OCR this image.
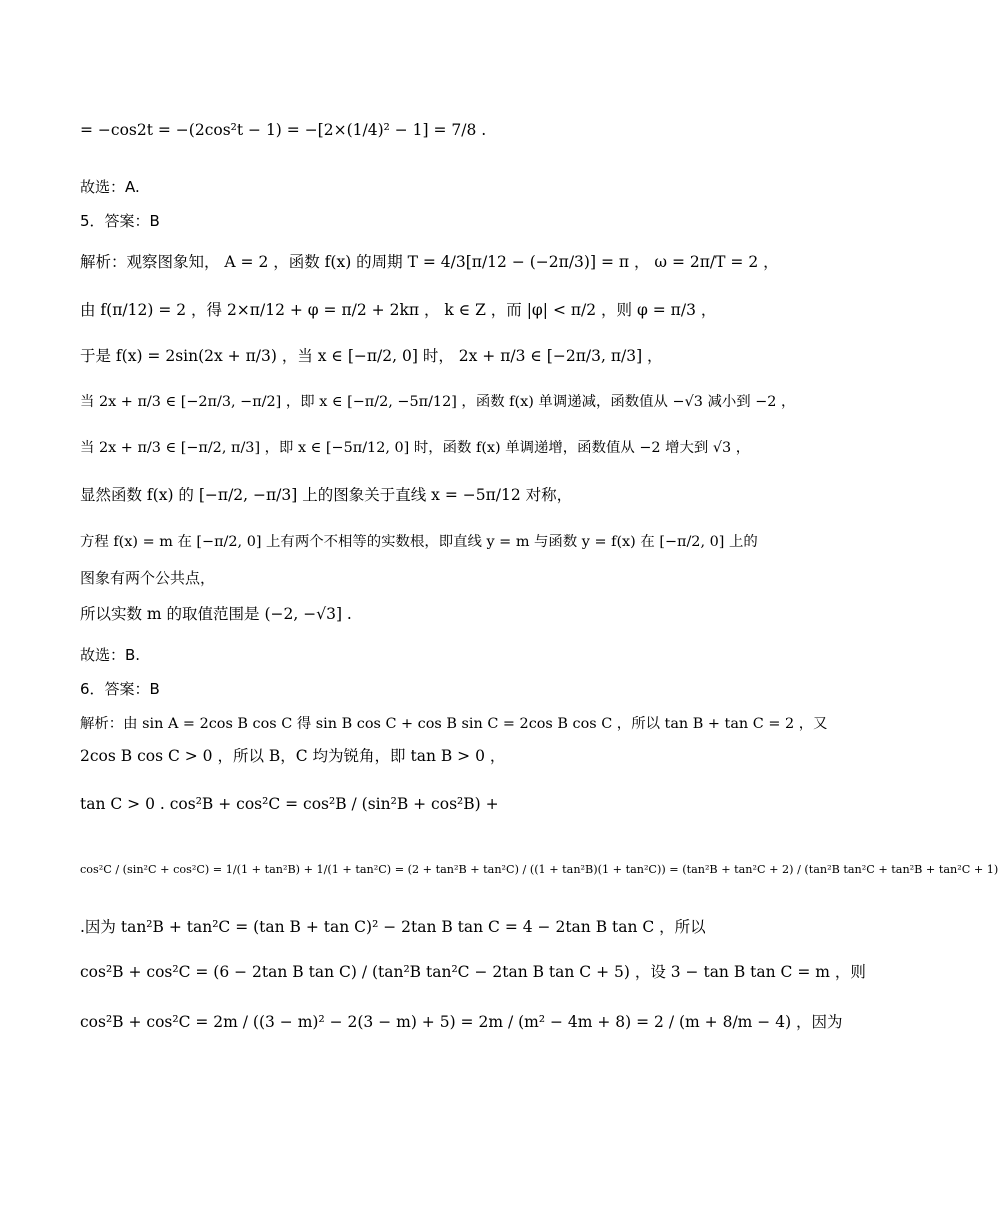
= −cos2t = −(2cos²t − 1) = −[2×(1/4)² − 1] = 7/8 .
故选：A.
5．答案：B
解析：观察图象知， A = 2 ，函数 f(x) 的周期 T = 4/3[π/12 − (−2π/3)] = π ， ω = 2π/T = 2 ，
由 f(π/12) = 2 ，得 2×π/12 + φ = π/2 + 2kπ ， k ∈ Z ，而 |φ| < π/2 ，则 φ = π/3 ，
于是 f(x) = 2sin(2x + π/3) ，当 x ∈ [−π/2, 0] 时， 2x + π/3 ∈ [−2π/3, π/3] ，
当 2x + π/3 ∈ [−2π/3, −π/2] ，即 x ∈ [−π/2, −5π/12] ，函数 f(x) 单调递减，函数值从 −√3 减小到 −2 ，
当 2x + π/3 ∈ [−π/2, π/3] ，即 x ∈ [−5π/12, 0] 时，函数 f(x) 单调递增，函数值从 −2 增大到 √3 ，
显然函数 f(x) 的 [−π/2, −π/3] 上的图象关于直线 x = −5π/12 对称，
方程 f(x) = m 在 [−π/2, 0] 上有两个不相等的实数根，即直线 y = m 与函数 y = f(x) 在 [−π/2, 0] 上的
图象有两个公共点，
所以实数 m 的取值范围是 (−2, −√3] .
故选：B.
6．答案：B
解析：由 sin A = 2cos B cos C 得 sin B cos C + cos B sin C = 2cos B cos C ，所以 tan B + tan C = 2 ，又
2cos B cos C > 0 ，所以 B，C 均为锐角，即 tan B > 0 ，
tan C > 0 . cos²B + cos²C = cos²B / (sin²B + cos²B) +
cos²C / (sin²C + cos²C) = 1/(1 + tan²B) + 1/(1 + tan²C) = (2 + tan²B + tan²C) / ((1 + tan²B)(1 + tan²C)) = (tan²B + tan²C + 2) / (tan²B tan²C + tan²B + tan²C + 1)
.因为 tan²B + tan²C = (tan B + tan C)² − 2tan B tan C = 4 − 2tan B tan C ，所以
cos²B + cos²C = (6 − 2tan B tan C) / (tan²B tan²C − 2tan B tan C + 5) ，设 3 − tan B tan C = m ，则
cos²B + cos²C = 2m / ((3 − m)² − 2(3 − m) + 5) = 2m / (m² − 4m + 8) = 2 / (m + 8/m − 4) ，因为
